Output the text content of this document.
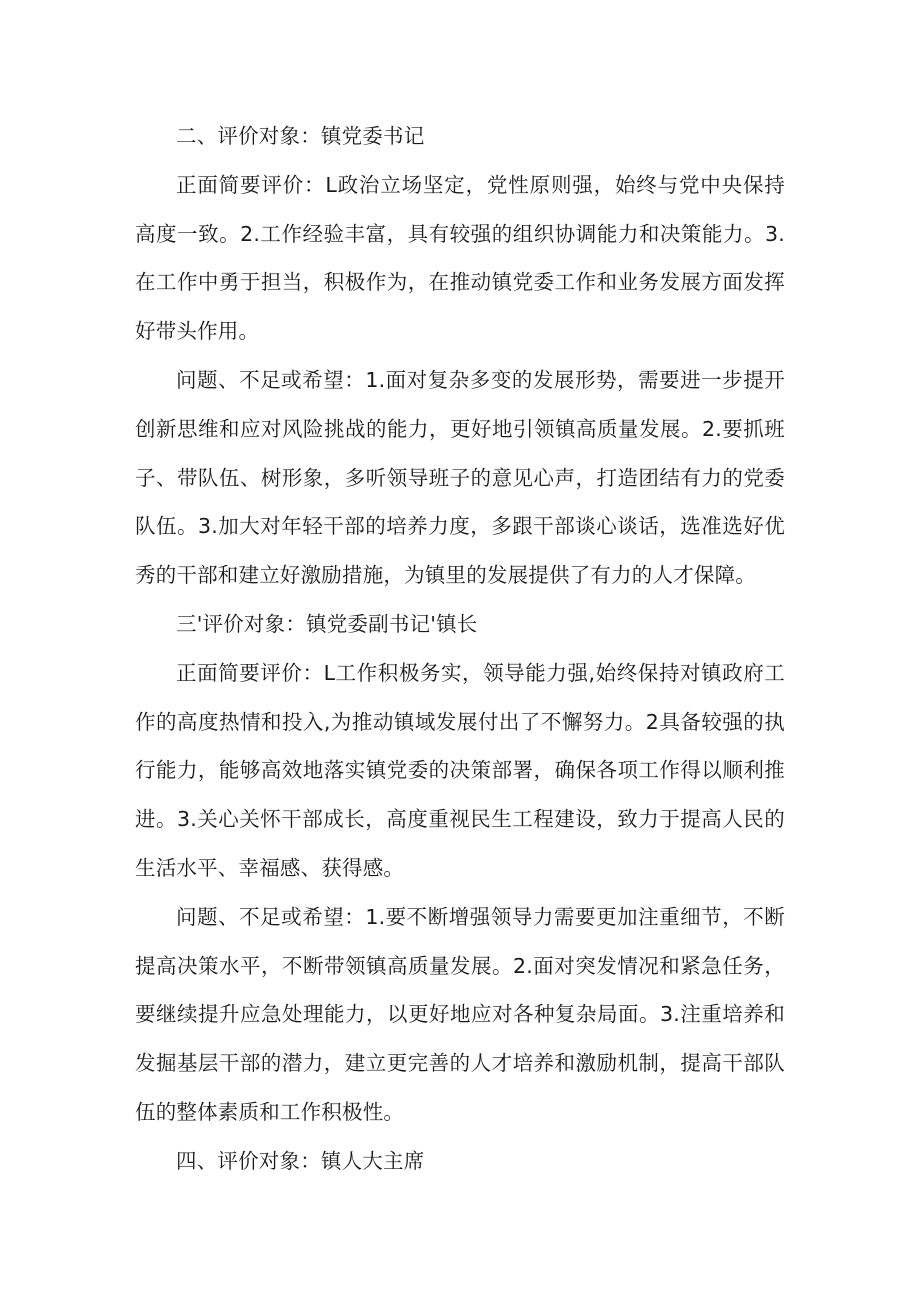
二、评价对象：镇党委书记

正面简要评价：L政治立场坚定，党性原则强，始终与党中央保持高度一致。2.工作经验丰富，具有较强的组织协调能力和决策能力。3.在工作中勇于担当，积极作为，在推动镇党委工作和业务发展方面发挥好带头作用。

问题、不足或希望：1.面对复杂多变的发展形势，需要进一步提开创新思维和应对风险挑战的能力，更好地引领镇高质量发展。2.要抓班子、带队伍、树形象，多听领导班子的意见心声，打造团结有力的党委队伍。3.加大对年轻干部的培养力度，多跟干部谈心谈话，选准选好优秀的干部和建立好激励措施，为镇里的发展提供了有力的人才保障。

三'评价对象：镇党委副书记'镇长

正面简要评价：L工作积极务实，领导能力强,始终保持对镇政府工作的高度热情和投入,为推动镇域发展付出了不懈努力。2具备较强的执行能力，能够高效地落实镇党委的决策部署，确保各项工作得以顺利推进。3.关心关怀干部成长，高度重视民生工程建设，致力于提高人民的生活水平、幸福感、获得感。

问题、不足或希望：1.要不断增强领导力需要更加注重细节，不断提高决策水平，不断带领镇高质量发展。2.面对突发情况和紧急任务，要继续提升应急处理能力，以更好地应对各种复杂局面。3.注重培养和发掘基层干部的潜力，建立更完善的人才培养和激励机制，提高干部队伍的整体素质和工作积极性。

四、评价对象：镇人大主席
